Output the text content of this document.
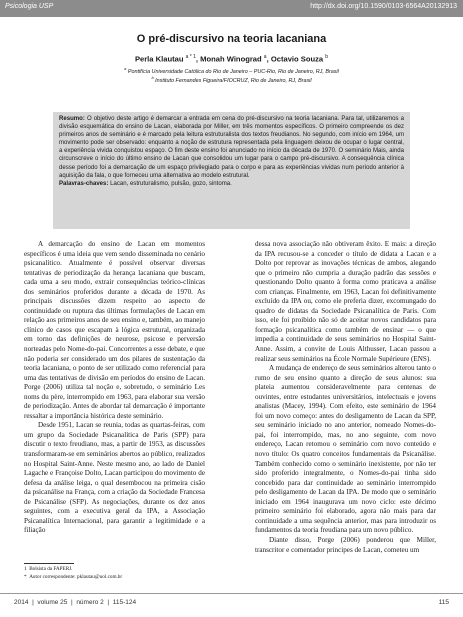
Psicologia USP	http://dx.doi.org/10.1590/0103-6564A20132913
O pré-discursivo na teoria lacaniana
Perla Klautau $^{a * 1}$, Monah Winograd $^a$, Octavio Souza $^b$
$^a$ Pontifícia Universidade Católica do Rio de Janeiro – PUC-Rio, Rio de Janeiro, RJ, Brasil
$^b$ Instituto Fernandes Figueira/FIOCRUZ, Rio de Janeiro, RJ, Brasil
Resumo: O objetivo deste artigo é demarcar a entrada em cena do pré-discursivo na teoria lacaniana. Para tal, utilizaremos a divisão esquemática do ensino de Lacan, elaborada por Miller, em três momentos específicos. O primeiro compreende os dez primeiros anos de seminário e é marcado pela leitura estruturalista dos textos freudianos. No segundo, com início em 1964, um movimento pode ser observado: enquanto a noção de estrutura representada pela linguagem deixou de ocupar o lugar central, a experiência vivida conquistou espaço. O fim deste ensino foi anunciado no início da década de 1970. O seminário Mais, ainda circunscreve o início do último ensino de Lacan que consolidou um lugar para o campo pré-discursivo. A consequência clínica desse período foi a demarcação de um espaço privilegiado para o corpo e para as experiências vividas num período anterior à aquisição da fala, o que forneceu uma alternativa ao modelo estrutural.
Palavras-chaves: Lacan, estruturalismo, pulsão, gozo, sintoma.

A demarcação do ensino de Lacan em momentos específicos é uma ideia que vem sendo disseminada no cenário psicanalítico. Atualmente é possível observar diversas tentativas de periodização da herança lacaniana que buscam, cada uma a seu modo, extrair consequências teórico-clínicas dos seminários proferidos durante a década de 1970. As principais discussões dizem respeito ao aspecto de continuidade ou ruptura das últimas formulações de Lacan em relação aos primeiros anos de seu ensino e, também, ao manejo clínico de casos que escapam à lógica estrutural, organizada em torno das definições de neurose, psicose e perversão norteadas pelo Nome-do-pai. Concorrentes a esse debate, e que não poderia ser considerado um dos pilares de sustentação da teoria lacaniana, o ponto de ser utilizado como referencial para uma das tentativas de divisão em períodos do ensino de Lacan. Porge (2006) utiliza tal noção e, sobretudo, o seminário Les noms du père, interrompido em 1963, para elaborar sua versão de periodização. Antes de abordar tal demarcação é importante ressaltar a importância histórica deste seminário.

Desde 1951, Lacan se reunia, todas as quartas-feiras, com um grupo da Sociedade Psicanalítica de Paris (SPP) para discutir o texto freudiano, mas, a partir de 1953, as discussões transformaram-se em seminários abertos ao público, realizados no Hospital Saint-Anne. Neste mesmo ano, ao lado de Daniel Lagache e Françoise Dolto, Lacan participou do movimento de defesa da análise leiga, o qual desembocou na primeira cisão da psicanálise na França, com a criação da Sociedade Francesa de Psicanálise (SFP). As negociações, durante os dez anos seguintes, com a executiva geral da IPA, a Associação Psicanalítica Internacional, para garantir a legitimidade e a filiação

dessa nova associação não obtiveram êxito. E mais: a direção da IPA recusou-se a conceder o título de didata a Lacan e a Dolto por reprovar as inovações técnicas de ambos, alegando que o primeiro não cumpria a duração padrão das sessões e questionando Dolto quanto à forma como praticava a análise com crianças. Finalmente, em 1963, Lacan foi definitivamente excluído da IPA ou, como ele preferia dizer, excomungado do quadro de didatas da Sociedade Psicanalítica de Paris. Com isso, ele foi proibido não só de aceitar novos candidatos para formação psicanalítica como também de ensinar — o que impedia a continuidade de seus seminários no Hospital Saint-Anne. Assim, a convite de Louis Althusser, Lacan passou a realizar seus seminários na École Normale Supérieure (ENS).

A mudança de endereço de seus seminários alterou tanto o rumo de seu ensino quanto a direção de seus alunos: sua plateia aumentou consideravelmente para centenas de ouvintes, entre estudantes universitários, intelectuais e jovens analistas (Macey, 1994). Com efeito, este seminário de 1964 foi um novo começo: antes do desligamento de Lacan da SPP, seu seminário iniciado no ano anterior, nomeado Nomes-do-pai, foi interrompido, mas, no ano seguinte, com novo endereço, Lacan retomou o seminário com novo conteúdo e novo título: Os quatro conceitos fundamentais da Psicanálise. Também conhecido como o seminário inexistente, por não ter sido proferido integralmente, o Nomes-do-pai tinha sido concebido para dar continuidade ao seminário interrompido pelo desligamento de Lacan da IPA. De modo que o seminário iniciado em 1964 inaugurava um novo ciclo: este décimo primeiro seminário foi elaborado, agora não mais para dar continuidade a uma sequência anterior, mas para introduzir os fundamentos da teoria freudiana para um novo público.

Diante disso, Porge (2006) ponderou que Miller, transcritor e comentador principes de Lacan, cometeu um

1 Bolsista da FAPERJ.
* Autor correspondente: pklautau@uol.com.br
2014  |  volume 25  |  número 2  |  115-124	115
